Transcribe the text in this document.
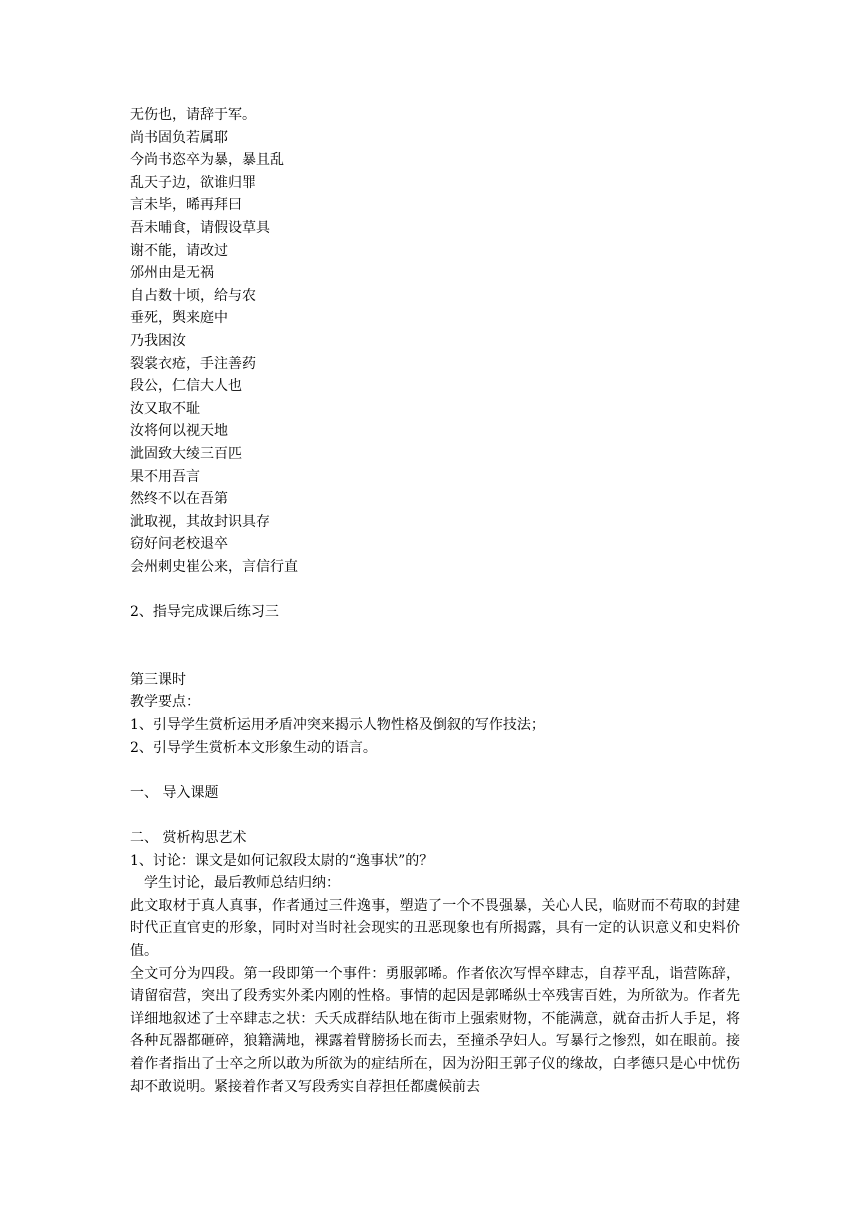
无伤也，请辞于军。
尚书固负若属耶
今尚书恣卒为暴，暴且乱
乱天子边，欲谁归罪
言未毕，晞再拜曰
吾未晡食，请假设草具
谢不能，请改过
邠州由是无祸
自占数十顷，给与农
垂死，舆来庭中
乃我困汝
裂裳衣疮，手注善药
段公，仁信大人也
汝又取不耻
汝将何以视天地
泚固致大绫三百匹
果不用吾言
然终不以在吾第
泚取视，其故封识具存
窃好问老校退卒
会州刺史崔公来，言信行直
2、指导完成课后练习三
第三课时
教学要点：
1、引导学生赏析运用矛盾冲突来揭示人物性格及倒叙的写作技法；
2、引导学生赏析本文形象生动的语言。
一、 导入课题
二、 赏析构思艺术
1、讨论：课文是如何记叙段太尉的“逸事状”的？
学生讨论，最后教师总结归纳：
此文取材于真人真事，作者通过三件逸事，塑造了一个不畏强暴，关心人民，临财而不苟取的封建时代正直官吏的形象，同时对当时社会现实的丑恶现象也有所揭露，具有一定的认识意义和史料价值。
全文可分为四段。第一段即第一个事件：勇服郭晞。作者依次写悍卒肆志，自荐平乱，诣营陈辞，请留宿营，突出了段秀实外柔内刚的性格。事情的起因是郭晞纵士卒残害百姓，为所欲为。作者先详细地叙述了士卒肆志之状：夭夭成群结队地在街市上强索财物，不能满意，就奋击折人手足，将各种瓦器都砸碎，狼籍满地，裸露着臂膀扬长而去，至撞杀孕妇人。写暴行之惨烈，如在眼前。接着作者指出了士卒之所以敢为所欲为的症结所在，因为汾阳王郭子仪的缘故，白孝德只是心中忧伤却不敢说明。紧接着作者又写段秀实自荐担任都虞候前去
